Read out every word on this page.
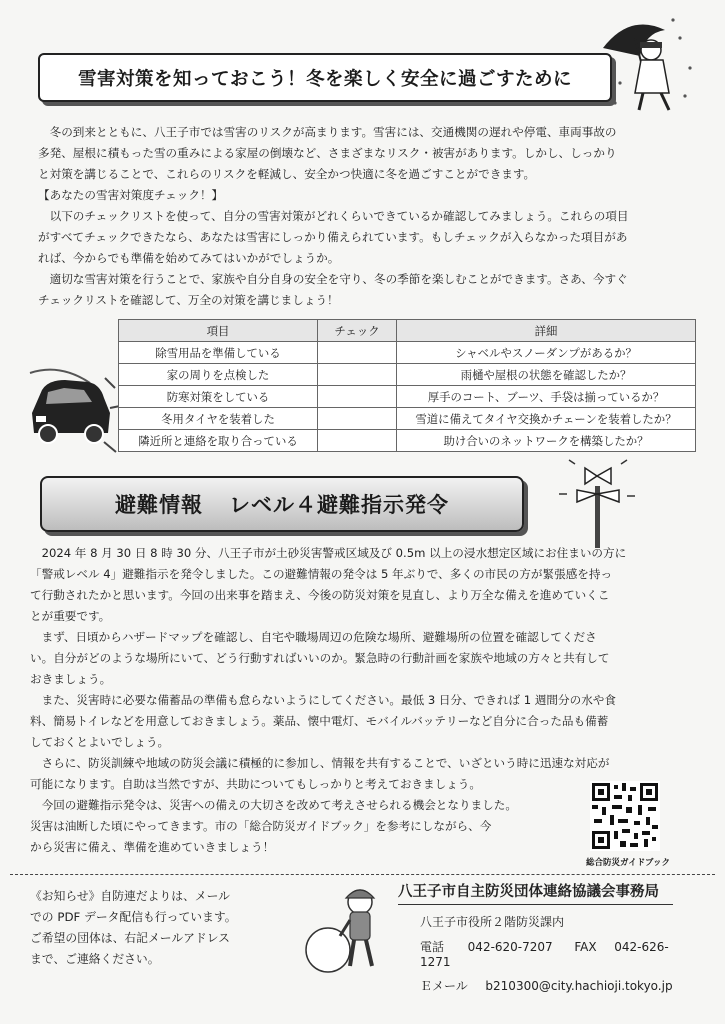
雪害対策を知っておこう！冬を楽しく安全に過ごすために

冬の到来とともに、八王子市では雪害のリスクが高まります。雪害には、交通機関の遅れや停電、車両事故の

多発、屋根に積もった雪の重みによる家屋の倒壊など、さまざまなリスク・被害があります。しかし、しっかり

と対策を講じることで、これらのリスクを軽減し、安全かつ快適に冬を過ごすことができます。

【あなたの雪害対策度チェック！】

以下のチェックリストを使って、自分の雪害対策がどれくらいできているか確認してみましょう。これらの項目

がすべてチェックできたなら、あなたは雪害にしっかり備えられています。もしチェックが入らなかった項目があ

れば、今からでも準備を始めてみてはいかがでしょうか。

適切な雪害対策を行うことで、家族や自分自身の安全を守り、冬の季節を楽しむことができます。さあ、今すぐ

チェックリストを確認して、万全の対策を講じましょう！

項目	チェック	詳細
除雪用品を準備している		シャベルやスノーダンプがあるか？
家の周りを点検した		雨樋や屋根の状態を確認したか？
防寒対策をしている		厚手のコート、ブーツ、手袋は揃っているか？
冬用タイヤを装着した		雪道に備えてタイヤ交換かチェーンを装着したか？
隣近所と連絡を取り合っている		助け合いのネットワークを構築したか？
避難情報 レベル４避難指示発令

2024 年 8 月 30 日 8 時 30 分、八王子市が土砂災害警戒区域及び 0.5m 以上の浸水想定区域にお住まいの方に

「警戒レベル 4」避難指示を発令しました。この避難情報の発令は 5 年ぶりで、多くの市民の方が緊張感を持っ

て行動されたかと思います。今回の出来事を踏まえ、今後の防災対策を見直し、より万全な備えを進めていくこ

とが重要です。

まず、日頃からハザードマップを確認し、自宅や職場周辺の危険な場所、避難場所の位置を確認してくださ

い。自分がどのような場所にいて、どう行動すればいいのか。緊急時の行動計画を家族や地域の方々と共有して

おきましょう。

また、災害時に必要な備蓄品の準備も怠らないようにしてください。最低 3 日分、できれば 1 週間分の水や食

料、簡易トイレなどを用意しておきましょう。薬品、懐中電灯、モバイルバッテリーなど自分に合った品も備蓄

しておくとよいでしょう。

さらに、防災訓練や地域の防災会議に積極的に参加し、情報を共有することで、いざという時に迅速な対応が

可能になります。自助は当然ですが、共助についてもしっかりと考えておきましょう。

今回の避難指示発令は、災害への備えの大切さを改めて考えさせられる機会となりました。

災害は油断した頃にやってきます。市の「総合防災ガイドブック」を参考にしながら、今

から災害に備え、準備を進めていきましょう！

総合防災ガイドブック
《お知らせ》自防連だよりは、メール
での PDF データ配信も行っています。
ご希望の団体は、右記メールアドレス
まで、ご連絡ください。
八王子市自主防災団体連絡協議会事務局
八王子市役所２階防災課内
電話 042-620-7207 FAX 042-626-1271
Ｅメール b210300@city.hachioji.tokyo.jp
